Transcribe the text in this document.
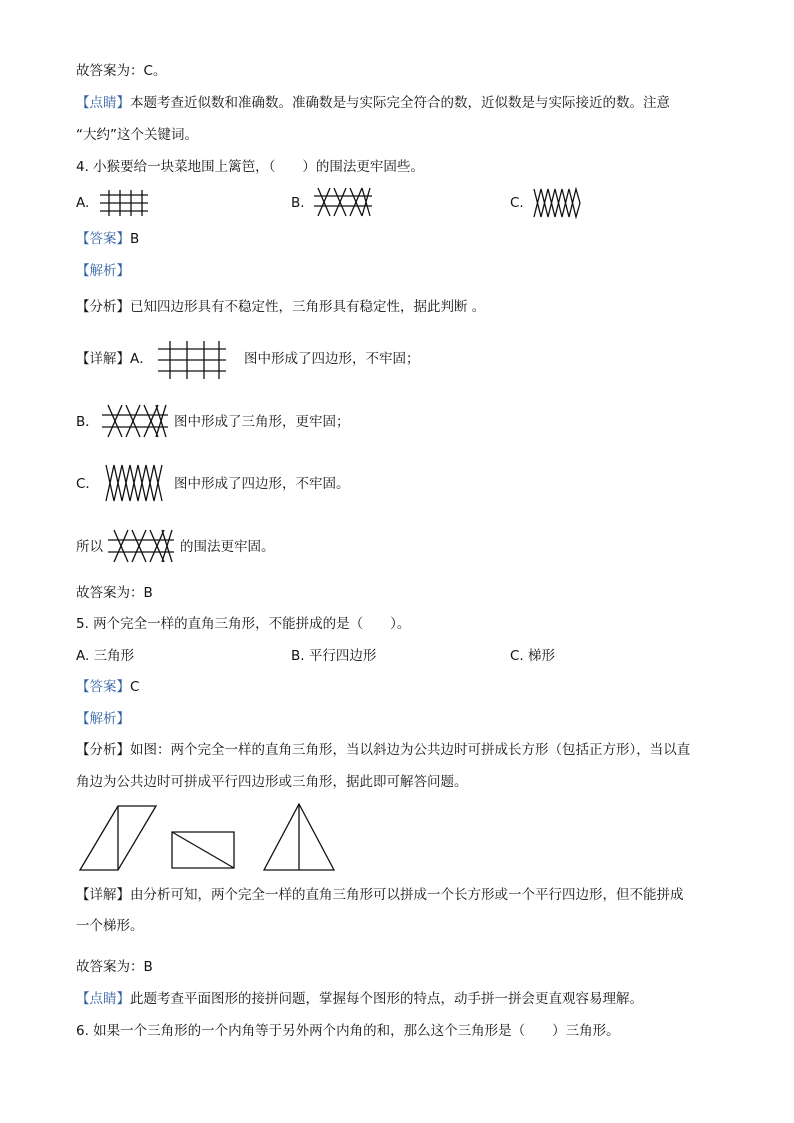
故答案为：C。
【点睛】本题考查近似数和准确数。准确数是与实际完全符合的数，近似数是与实际接近的数。注意
“大约”这个关键词。
4. 小猴要给一块菜地围上篱笆，（　　）的围法更牢固些。
A.	B.	C.
【答案】B
【解析】
【分析】已知四边形具有不稳定性，三角形具有稳定性，据此判断 。
【详解】A．	图中形成了四边形，不牢固；
B．	图中形成了三角形，更牢固；
C．	图中形成了四边形，不牢固。
所以	的围法更牢固。
故答案为：B
5. 两个完全一样的直角三角形，不能拼成的是（　　）。
A. 三角形	B. 平行四边形	C. 梯形
【答案】C
【解析】
【分析】如图：两个完全一样的直角三角形，当以斜边为公共边时可拼成长方形（包括正方形），当以直
角边为公共边时可拼成平行四边形或三角形，据此即可解答问题。
【详解】由分析可知，两个完全一样的直角三角形可以拼成一个长方形或一个平行四边形，但不能拼成
一个梯形。
故答案为：B
【点睛】此题考查平面图形的接拼问题，掌握每个图形的特点，动手拼一拼会更直观容易理解。
6. 如果一个三角形的一个内角等于另外两个内角的和，那么这个三角形是（　　）三角形。
